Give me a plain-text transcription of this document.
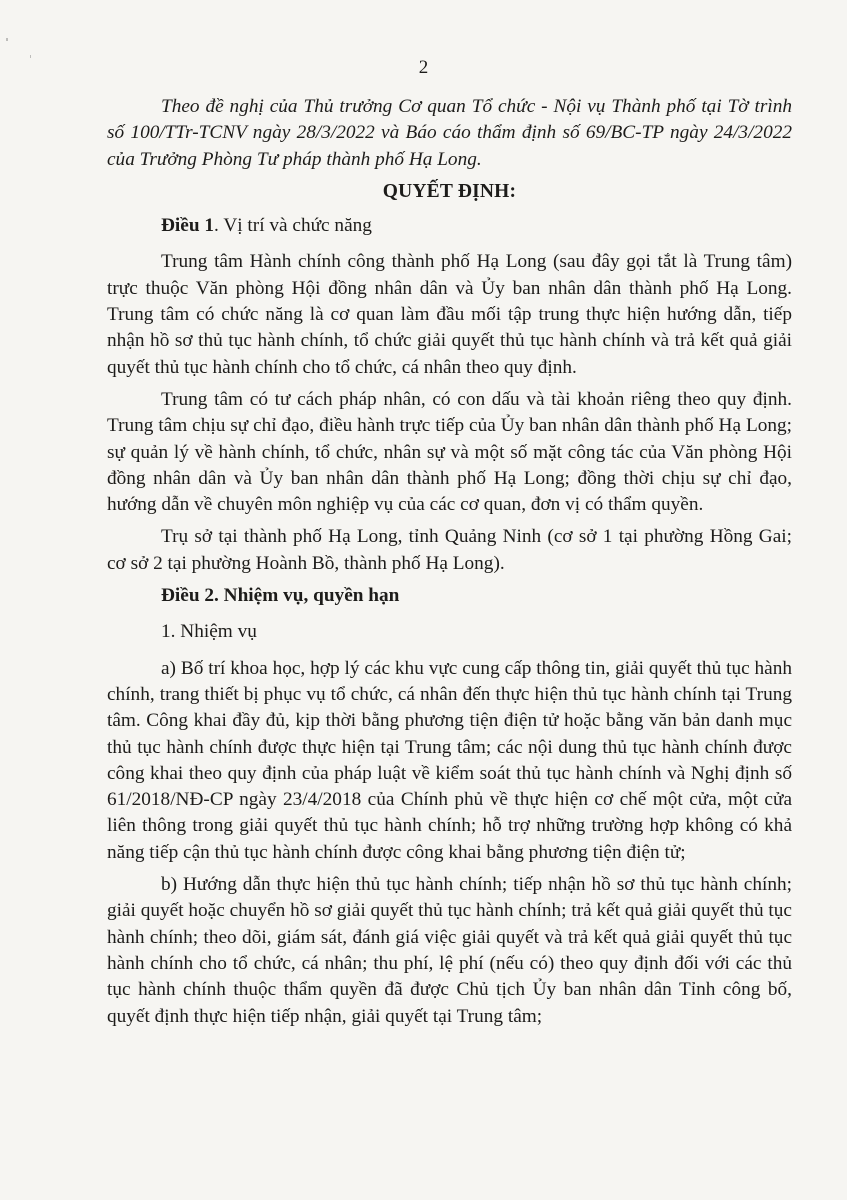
2

Theo đề nghị của Thủ trưởng Cơ quan Tổ chức - Nội vụ Thành phố tại Tờ trình số 100/TTr-TCNV ngày 28/3/2022 và Báo cáo thẩm định số 69/BC-TP ngày 24/3/2022 của Trưởng Phòng Tư pháp thành phố Hạ Long.

QUYẾT ĐỊNH:

Điều 1. Vị trí và chức năng

Trung tâm Hành chính công thành phố Hạ Long (sau đây gọi tắt là Trung tâm) trực thuộc Văn phòng Hội đồng nhân dân và Ủy ban nhân dân thành phố Hạ Long. Trung tâm có chức năng là cơ quan làm đầu mối tập trung thực hiện hướng dẫn, tiếp nhận hồ sơ thủ tục hành chính, tổ chức giải quyết thủ tục hành chính và trả kết quả giải quyết thủ tục hành chính cho tổ chức, cá nhân theo quy định.

Trung tâm có tư cách pháp nhân, có con dấu và tài khoản riêng theo quy định. Trung tâm chịu sự chỉ đạo, điều hành trực tiếp của Ủy ban nhân dân thành phố Hạ Long; sự quản lý về hành chính, tổ chức, nhân sự và một số mặt công tác của Văn phòng Hội đồng nhân dân và Ủy ban nhân dân thành phố Hạ Long; đồng thời chịu sự chỉ đạo, hướng dẫn về chuyên môn nghiệp vụ của các cơ quan, đơn vị có thẩm quyền.

Trụ sở tại thành phố Hạ Long, tỉnh Quảng Ninh (cơ sở 1 tại phường Hồng Gai; cơ sở 2 tại phường Hoành Bồ, thành phố Hạ Long).

Điều 2. Nhiệm vụ, quyền hạn

1. Nhiệm vụ

a) Bố trí khoa học, hợp lý các khu vực cung cấp thông tin, giải quyết thủ tục hành chính, trang thiết bị phục vụ tổ chức, cá nhân đến thực hiện thủ tục hành chính tại Trung tâm. Công khai đầy đủ, kịp thời bằng phương tiện điện tử hoặc bằng văn bản danh mục thủ tục hành chính được thực hiện tại Trung tâm; các nội dung thủ tục hành chính được công khai theo quy định của pháp luật về kiểm soát thủ tục hành chính và Nghị định số 61/2018/NĐ-CP ngày 23/4/2018 của Chính phủ về thực hiện cơ chế một cửa, một cửa liên thông trong giải quyết thủ tục hành chính; hỗ trợ những trường hợp không có khả năng tiếp cận thủ tục hành chính được công khai bằng phương tiện điện tử;

b) Hướng dẫn thực hiện thủ tục hành chính; tiếp nhận hồ sơ thủ tục hành chính; giải quyết hoặc chuyển hồ sơ giải quyết thủ tục hành chính; trả kết quả giải quyết thủ tục hành chính; theo dõi, giám sát, đánh giá việc giải quyết và trả kết quả giải quyết thủ tục hành chính cho tổ chức, cá nhân; thu phí, lệ phí (nếu có) theo quy định đối với các thủ tục hành chính thuộc thẩm quyền đã được Chủ tịch Ủy ban nhân dân Tỉnh công bố, quyết định thực hiện tiếp nhận, giải quyết tại Trung tâm;
